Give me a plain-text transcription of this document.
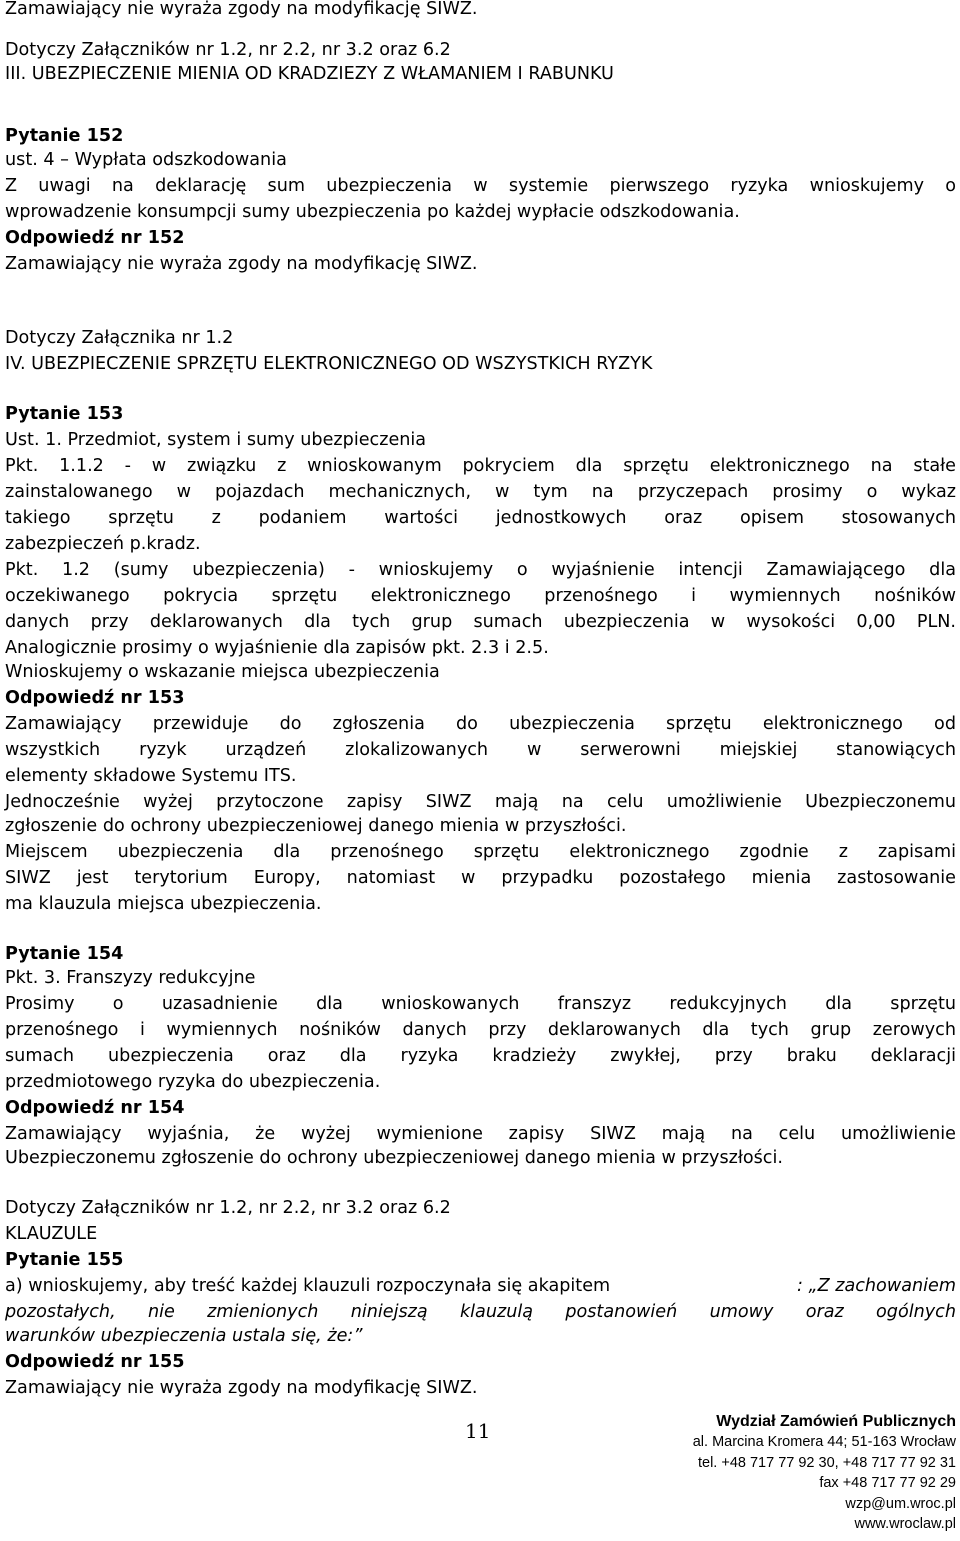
Zamawiający nie wyraża zgody na modyfikację SIWZ.
Dotyczy Załączników nr 1.2, nr 2.2, nr 3.2 oraz 6.2
III. UBEZPIECZENIE MIENIA OD KRADZIEZY Z WŁAMANIEM I RABUNKU
Pytanie 152
ust. 4 – Wypłata odszkodowania
Z uwagi na deklarację sum ubezpieczenia w systemie pierwszego ryzyka wnioskujemy o
wprowadzenie konsumpcji sumy ubezpieczenia po każdej wypłacie odszkodowania.
Odpowiedź nr 152
Zamawiający nie wyraża zgody na modyfikację SIWZ.
Dotyczy Załącznika nr 1.2
IV. UBEZPIECZENIE SPRZĘTU ELEKTRONICZNEGO OD WSZYSTKICH RYZYK
Pytanie 153
Ust. 1. Przedmiot, system i sumy ubezpieczenia
Pkt. 1.1.2 - w związku z wnioskowanym pokryciem dla sprzętu elektronicznego na stałe
zainstalowanego w pojazdach mechanicznych, w tym na przyczepach prosimy o wykaz
takiego sprzętu z podaniem wartości jednostkowych oraz opisem stosowanych
zabezpieczeń p.kradz.
Pkt. 1.2 (sumy ubezpieczenia) - wnioskujemy o wyjaśnienie intencji Zamawiającego dla
oczekiwanego pokrycia sprzętu elektronicznego przenośnego i wymiennych nośników
danych przy deklarowanych dla tych grup sumach ubezpieczenia w wysokości 0,00 PLN.
Analogicznie prosimy o wyjaśnienie dla zapisów pkt. 2.3 i 2.5.
Wnioskujemy o wskazanie miejsca ubezpieczenia
Odpowiedź nr 153
Zamawiający przewiduje do zgłoszenia do ubezpieczenia sprzętu elektronicznego od
wszystkich ryzyk urządzeń zlokalizowanych w serwerowni miejskiej stanowiących
elementy składowe Systemu ITS.
Jednocześnie wyżej przytoczone zapisy SIWZ mają na celu umożliwienie Ubezpieczonemu
zgłoszenie do ochrony ubezpieczeniowej danego mienia w przyszłości.
Miejscem ubezpieczenia dla przenośnego sprzętu elektronicznego zgodnie z zapisami
SIWZ jest terytorium Europy, natomiast w przypadku pozostałego mienia zastosowanie
ma klauzula miejsca ubezpieczenia.
Pytanie 154
Pkt. 3. Franszyzy redukcyjne
Prosimy o uzasadnienie dla wnioskowanych franszyz redukcyjnych dla sprzętu
przenośnego i wymiennych nośników danych przy deklarowanych dla tych grup zerowych
sumach ubezpieczenia oraz dla ryzyka kradzieży zwykłej, przy braku deklaracji
przedmiotowego ryzyka do ubezpieczenia.
Odpowiedź nr 154
Zamawiający wyjaśnia, że wyżej wymienione zapisy SIWZ mają na celu umożliwienie
Ubezpieczonemu zgłoszenie do ochrony ubezpieczeniowej danego mienia w przyszłości.
Dotyczy Załączników nr 1.2, nr 2.2, nr 3.2 oraz 6.2
KLAUZULE
Pytanie 155
a) wnioskujemy, aby treść każdej klauzuli rozpoczynała się akapitem	: „Z zachowaniem
pozostałych, nie zmienionych niniejszą klauzulą postanowień umowy oraz ogólnych
warunków ubezpieczenia ustala się, że:”
Odpowiedź nr 155
Zamawiający nie wyraża zgody na modyfikację SIWZ.
11	Wydział Zamówień Publicznych
al. Marcina Kromera 44; 51-163 Wrocław
tel. +48 717 77 92 30, +48 717 77 92 31
fax +48 717 77 92 29
wzp@um.wroc.pl
www.wroclaw.pl
